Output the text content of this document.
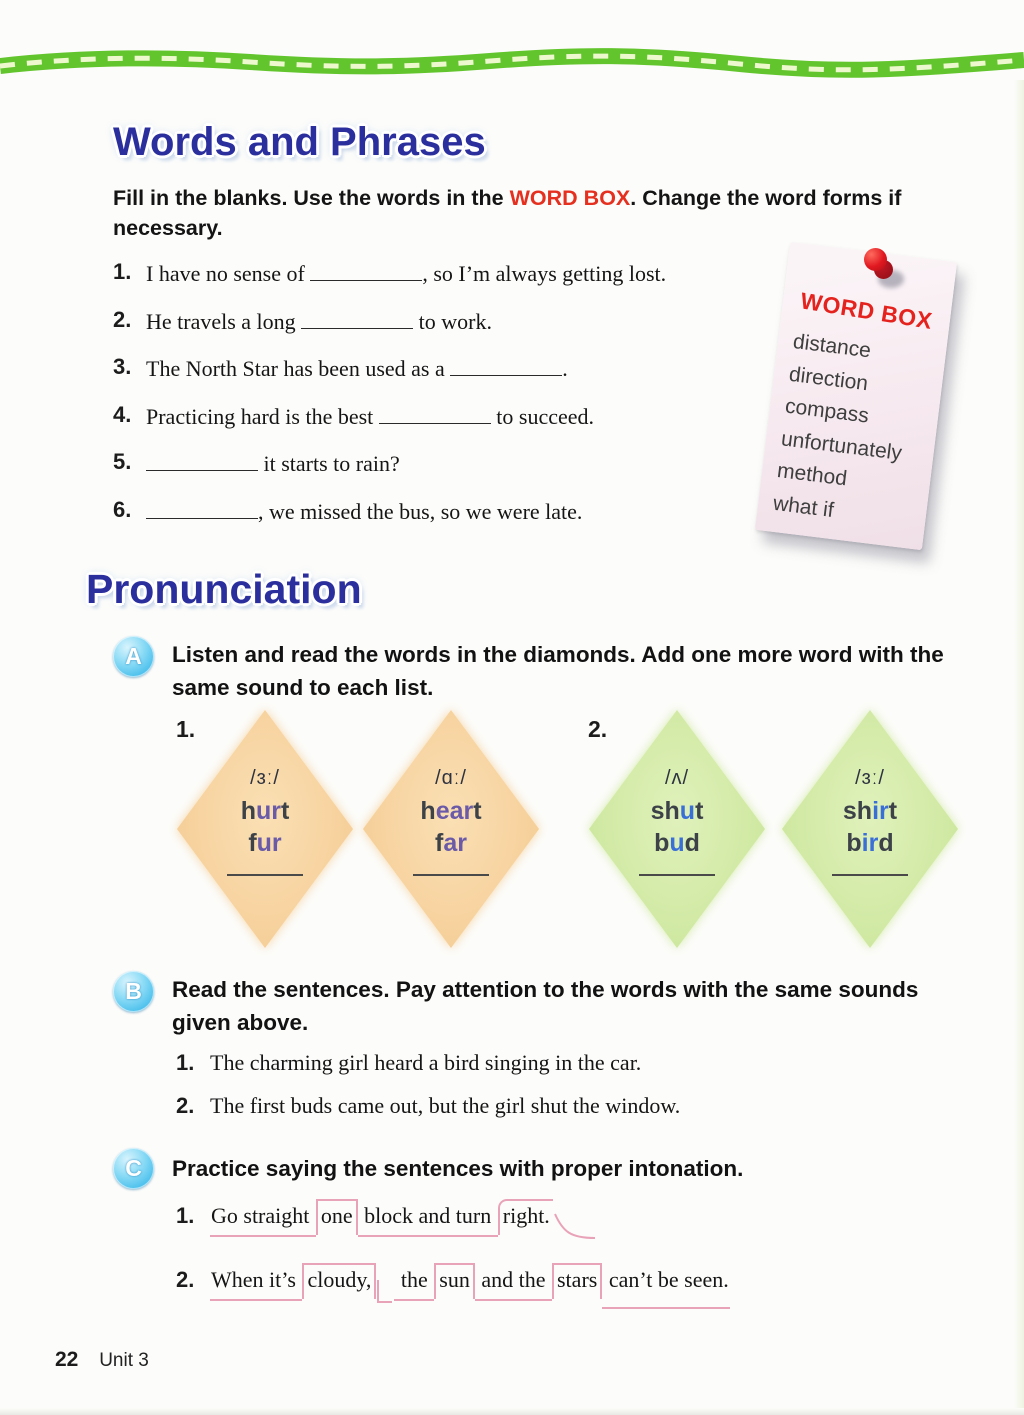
Words and Phrases

Fill in the blanks. Use the words in the WORD BOX. Change the word forms if necessary.

1. I have no sense of	, so I’m always getting lost.
2. He travels a long	to work.
3. The North Star has been used as a	.
4. Practicing hard is the best	to succeed.
5.	it starts to rain?
6.	, we missed the bus, so we were late.
WORD BOX
distance
direction
compass
unfortunately
method
what if
Pronunciation
A Listen and read the words in the diamonds. Add one more word with the same sound to each list.

1.	2.
/ɜː/
hurt
fur
/ɑː/
heart
far
/ʌ/
shut
bud
/ɜː/
shirt
bird
B Read the sentences. Pay attention to the words with the same sounds given above.

1. The charming girl heard a bird singing in the car.
2. The first buds came out, but the girl shut the window.
C Practice saying the sentences with proper intonation.

1. Go straight one block and turn right.
2. When it’s cloudy, the sun and the stars can’t be seen.
22 Unit 3
